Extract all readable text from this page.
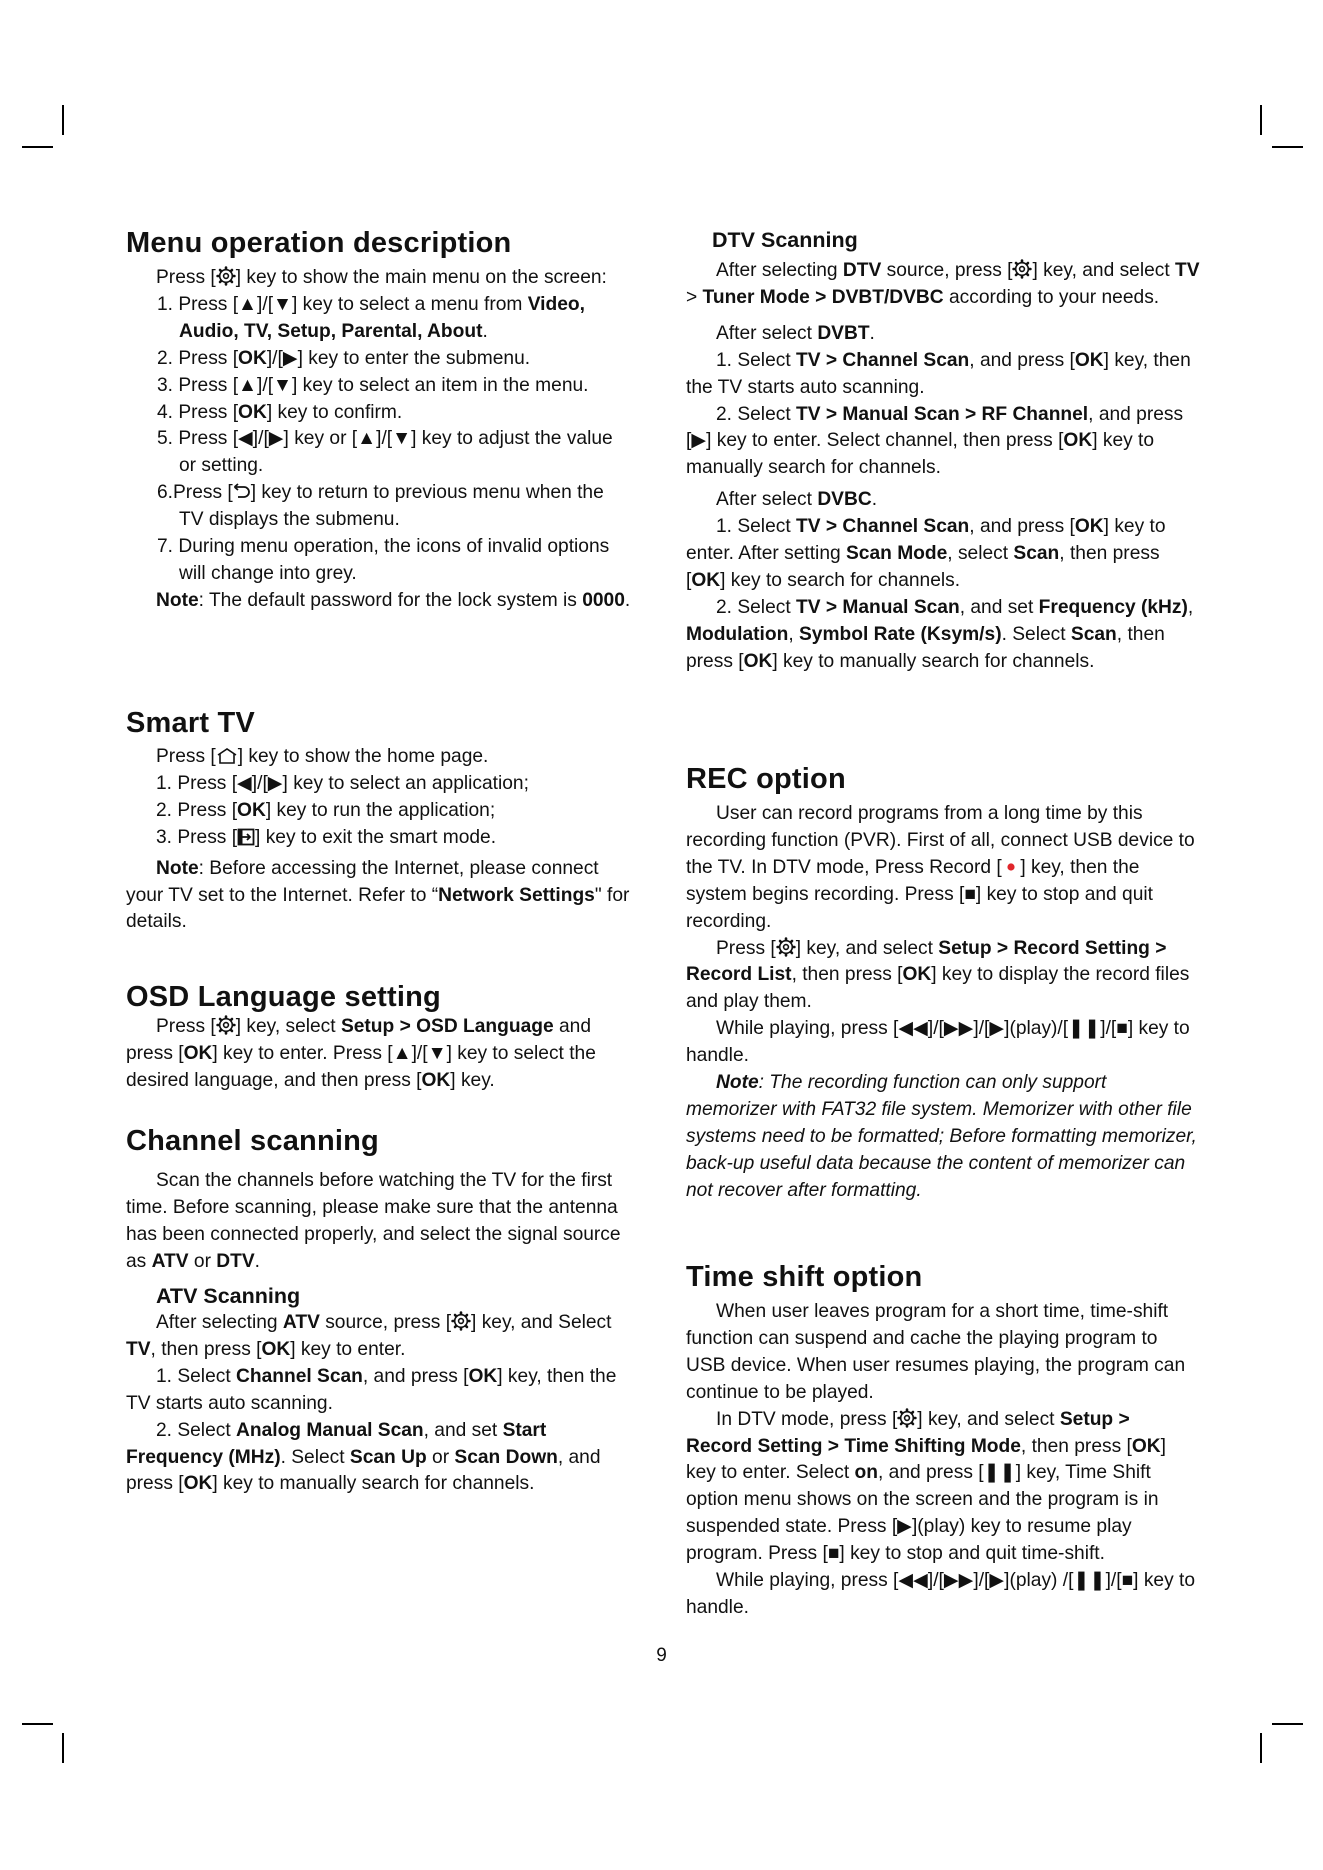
Menu operation description

Press [ ] key to show the main menu on the screen:

1. Press [▲]/[▼] key to select a menu from Video, Audio, TV, Setup, Parental, About.

2. Press [OK]/[▶] key to enter the submenu.

3. Press [▲]/[▼] key to select an item in the menu.

4. Press [OK] key to confirm.

5. Press [◀]/[▶] key or [▲]/[▼] key to adjust the value or setting.

6.Press [ ] key to return to previous menu when the TV displays the submenu.

7. During menu operation, the icons of invalid options will change into grey.

Note: The default password for the lock system is 0000.

Smart TV

Press [ ] key to show the home page.

1. Press [◀]/[▶] key to select an application;

2. Press [OK] key to run the application;

3. Press [ ] key to exit the smart mode.

Note: Before accessing the Internet, please connect your TV set to the Internet. Refer to “Network Settings" for details.

OSD Language setting

Press [ ] key, select Setup > OSD Language and press [OK] key to enter. Press [▲]/[▼] key to select the desired language, and then press [OK] key.

Channel scanning

Scan the channels before watching the TV for the first time. Before scanning, please make sure that the antenna has been connected properly, and select the signal source as ATV or DTV.

ATV Scanning

After selecting ATV source, press [ ] key, and Select TV, then press [OK] key to enter.

1. Select Channel Scan, and press [OK] key, then the TV starts auto scanning.

2. Select Analog Manual Scan, and set Start Frequency (MHz). Select Scan Up or Scan Down, and press [OK] key to manually search for channels.

DTV Scanning

After selecting DTV source, press [ ] key, and select TV > Tuner Mode > DVBT/DVBC according to your needs.

After select DVBT.

1. Select TV > Channel Scan, and press [OK] key, then the TV starts auto scanning.

2. Select TV > Manual Scan > RF Channel, and press [▶] key to enter. Select channel, then press [OK] key to manually search for channels.

After select DVBC.

1. Select TV > Channel Scan, and press [OK] key to enter. After setting Scan Mode, select Scan, then press [OK] key to search for channels.

2. Select TV > Manual Scan, and set Frequency (kHz), Modulation, Symbol Rate (Ksym/s). Select Scan, then press [OK] key to manually search for channels.

REC option

User can record programs from a long time by this recording function (PVR). First of all, connect USB device to the TV. In DTV mode, Press Record [  ] key, then the system begins recording. Press [■] key to stop and quit recording.

Press [ ] key, and select Setup > Record Setting > Record List, then press [OK] key to display the record files and play them.

While playing, press [◀◀]/[▶▶]/[▶](play)/[❚❚]/[■] key to handle.

Note: The recording function can only support memorizer with FAT32 file system. Memorizer with other file systems need to be formatted; Before formatting memorizer, back-up useful data because the content of memorizer can not recover after formatting.

Time shift option

When user leaves program for a short time, time-shift function can suspend and cache the playing program to USB device. When user resumes playing, the program can continue to be played.

In DTV mode, press [ ] key, and select Setup > Record Setting > Time Shifting Mode, then press [OK] key to enter. Select on, and press [❚❚] key, Time Shift option menu shows on the screen and the program is in suspended state. Press [▶](play) key to resume play program. Press [■] key to stop and quit time-shift.

While playing, press [◀◀]/[▶▶]/[▶](play) /[❚❚]/[■] key to handle.

9
